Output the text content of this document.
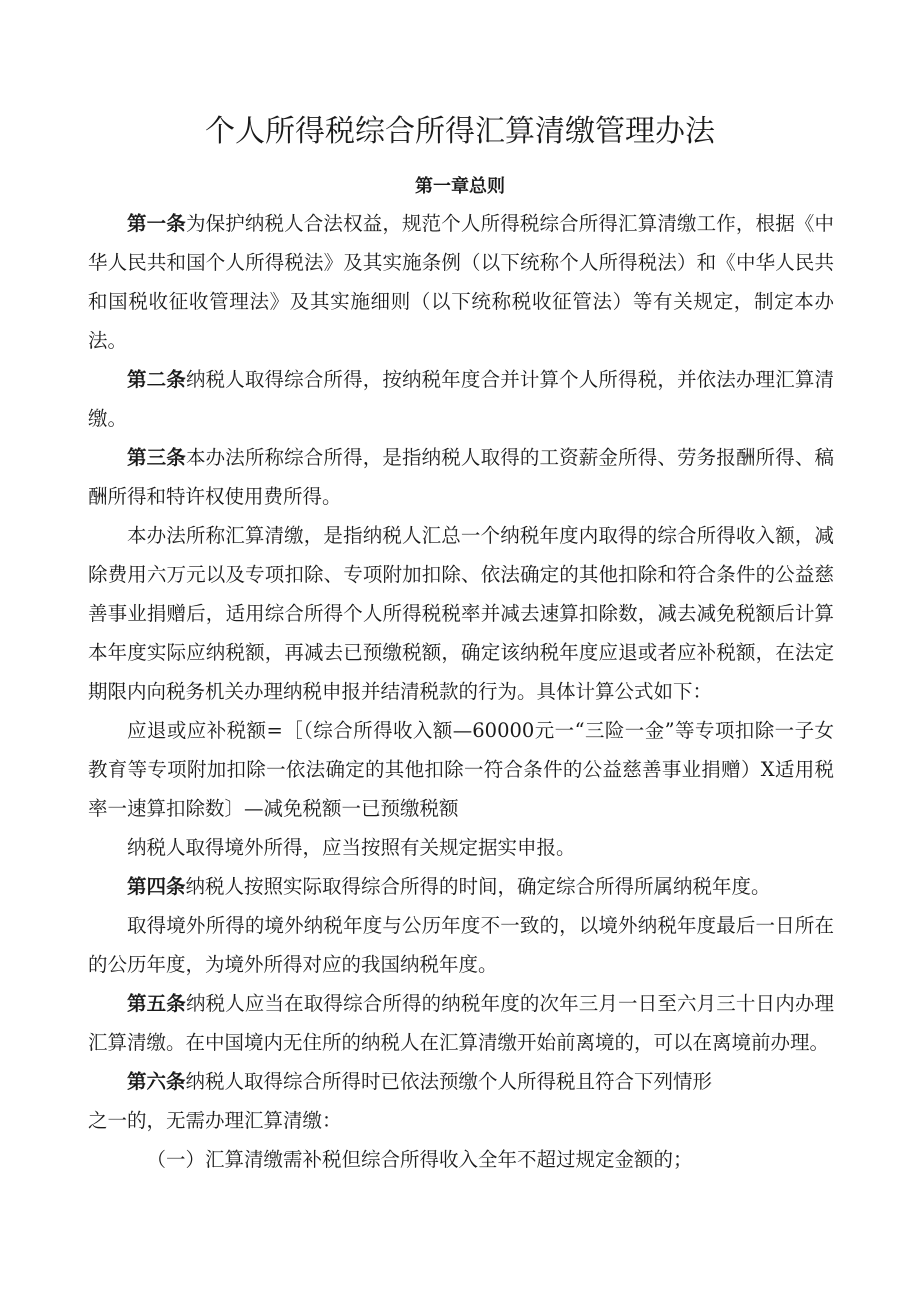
个人所得税综合所得汇算清缴管理办法
第一章总则

第一条为保护纳税人合法权益，规范个人所得税综合所得汇算清缴工作，根据《中华人民共和国个人所得税法》及其实施条例（以下统称个人所得税法）和《中华人民共和国税收征收管理法》及其实施细则（以下统称税收征管法）等有关规定，制定本办法。

第二条纳税人取得综合所得，按纳税年度合并计算个人所得税，并依法办理汇算清缴。

第三条本办法所称综合所得，是指纳税人取得的工资薪金所得、劳务报酬所得、稿酬所得和特许权使用费所得。

本办法所称汇算清缴，是指纳税人汇总一个纳税年度内取得的综合所得收入额，减除费用六万元以及专项扣除、专项附加扣除、依法确定的其他扣除和符合条件的公益慈善事业捐赠后，适用综合所得个人所得税税率并减去速算扣除数，减去减免税额后计算本年度实际应纳税额，再减去已预缴税额，确定该纳税年度应退或者应补税额，在法定期限内向税务机关办理纳税申报并结清税款的行为。具体计算公式如下：

应退或应补税额=［（综合所得收入额—60000元一“三险一金”等专项扣除一子女教育等专项附加扣除一依法确定的其他扣除一符合条件的公益慈善事业捐赠）X适用税率一速算扣除数〕—减免税额一已预缴税额

纳税人取得境外所得，应当按照有关规定据实申报。

第四条纳税人按照实际取得综合所得的时间，确定综合所得所属纳税年度。

取得境外所得的境外纳税年度与公历年度不一致的，以境外纳税年度最后一日所在的公历年度，为境外所得对应的我国纳税年度。

第五条纳税人应当在取得综合所得的纳税年度的次年三月一日至六月三十日内办理汇算清缴。在中国境内无住所的纳税人在汇算清缴开始前离境的，可以在离境前办理。

第六条纳税人取得综合所得时已依法预缴个人所得税且符合下列情形

之一的，无需办理汇算清缴：

（一）汇算清缴需补税但综合所得收入全年不超过规定金额的；
